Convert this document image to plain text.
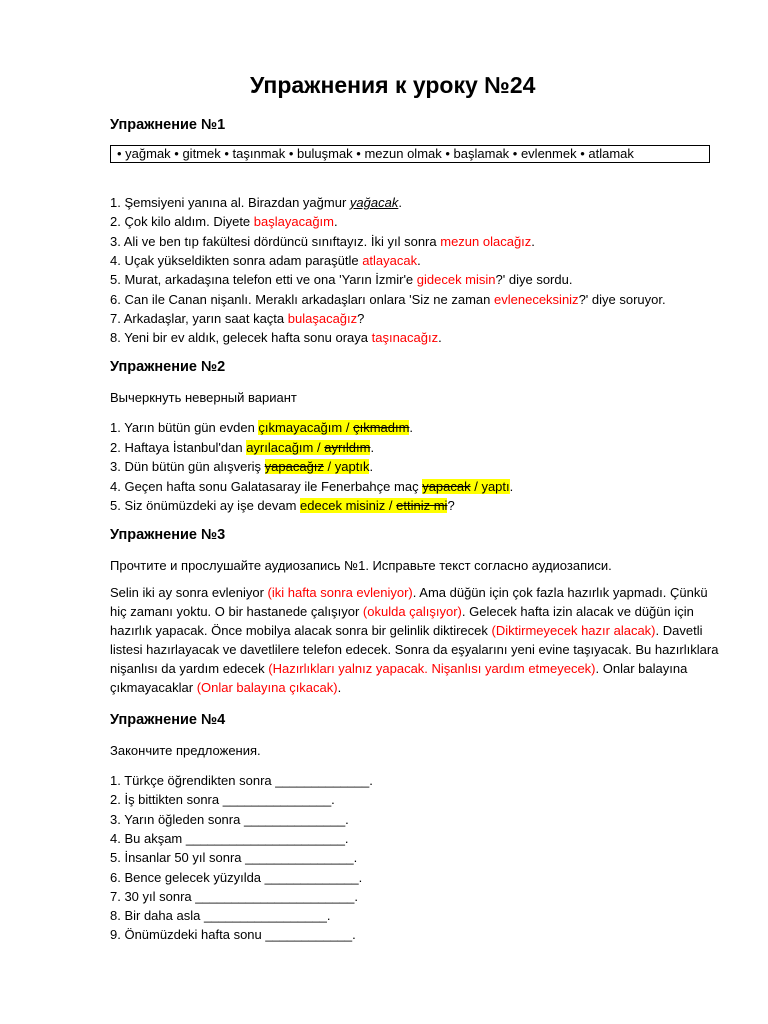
Упражнения к уроку №24
Упражнение №1
• yağmak • gitmek • taşınmak • buluşmak • mezun olmak • başlamak • evlenmek • atlamak
1. Şemsiyeni yanına al. Birazdan yağmur yağacak.
2. Çok kilo aldım. Diyete başlayacağım.
3. Ali ve ben tıp fakültesi dördüncü sınıftayız. İki yıl sonra mezun olacağız.
4. Uçak yükseldikten sonra adam paraşütle atlayacak.
5. Murat, arkadaşına telefon etti ve ona 'Yarın İzmir'e gidecek misin?' diye sordu.
6. Can ile Canan nişanlı. Meraklı arkadaşları onlara 'Siz ne zaman evleneceksiniz?' diye soruyor.
7. Arkadaşlar, yarın saat kaçta bulaşacağız?
8. Yeni bir ev aldık, gelecek hafta sonu oraya taşınacağız.
Упражнение №2
Вычеркнуть неверный вариант
1. Yarın bütün gün evden çıkmayacağım / çıkmadım.
2. Haftaya İstanbul'dan ayrılacağım / ayrıldım.
3. Dün bütün gün alışveriş yapacağız / yaptık.
4. Geçen hafta sonu Galatasaray ile Fenerbahçe maç yapacak / yaptı.
5. Siz önümüzdeki ay işe devam edecek misiniz / ettiniz mi?
Упражнение №3
Прочтите и прослушайте аудиозапись №1. Исправьте текст согласно аудиозаписи.
Selin iki ay sonra evleniyor (iki hafta sonra evleniyor). Ama düğün için çok fazla hazırlık yapmadı. Çünkü hiç zamanı yoktu. O bir hastanede çalışıyor (okulda çalışıyor). Gelecek hafta izin alacak ve düğün için hazırlık yapacak. Önce mobilya alacak sonra bir gelinlik diktirecek (Diktirmeyecek hazır alacak). Davetli listesi hazırlayacak ve davetlilere telefon edecek. Sonra da eşyalarını yeni evine taşıyacak. Bu hazırlıklara nişanlısı da yardım edecek (Hazırlıkları yalnız yapacak. Nişanlısı yardım etmeyecek). Onlar balayına çıkmayacaklar (Onlar balayına çıkacak).
Упражнение №4
Закончите предложения.
1. Türkçe öğrendikten sonra _____________.
2. İş bittikten sonra _______________.
3. Yarın öğleden sonra ______________.
4. Bu akşam ______________________.
5. İnsanlar 50 yıl sonra _______________.
6. Bence gelecek yüzyılda _____________.
7. 30 yıl sonra ______________________.
8. Bir daha asla _________________.
9. Önümüzdeki hafta sonu ____________.
